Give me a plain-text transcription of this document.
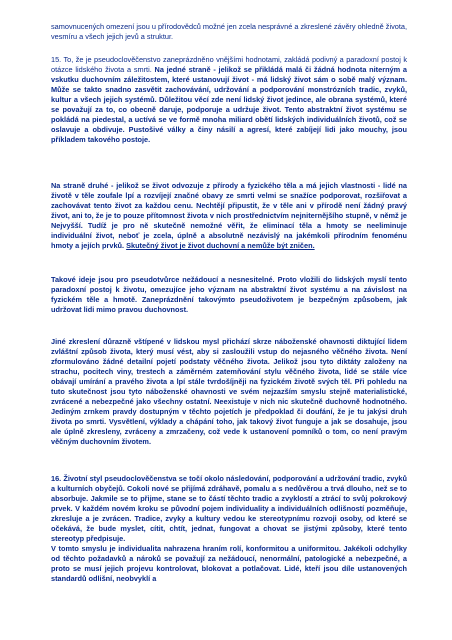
samovnucených omezení jsou u přírodovědců možné jen zcela nesprávné a zkreslené závěry ohledně života, vesmíru a všech jejich jevů a struktur.

15. To, že je pseudoclověčenstvo zaneprázdněno vnějšími hodnotami, zakládá podivný a paradoxní postoj k otázce lidského života a smrti. Na jedné straně - jelikož se přikládá malá či žádná hodnota niterným a vskutku duchovním záležitostem, které ustanovují život - má lidský život sám o sobě malý význam. Může se takto snadno zasvětit zachovávání, udržování a podporování monstrózních tradic, zvyků, kultur a všech jejich systémů. Důležitou věcí zde není lidský život jedince, ale obrana systémů, které se považují za to, co obecně daruje, podporuje a udržuje život. Tento abstraktní život systému se pokládá na piedestal, a uctívá se ve formě mnoha miliard obětí lidských individuálních životů, což se oslavuje a obdivuje. Pustošivé války a činy násilí a agresí, které zabíjejí lidi jako mouchy, jsou příkladem takového postoje.

Na straně druhé - jelikož se život odvozuje z přírody a fyzického těla a má jejich vlastnosti - lidé na životě v těle zoufale lpí a rozvíjejí značné obavy ze smrti velmi se snažíce podporovat, rozšiřovat a zachovávat tento život za každou cenu. Nechtějí připustit, že v těle ani v přírodě není žádný pravý život, ani to, že je to pouze přítomnost života v nich prostřednictvím nejniternějšího stupně, v němž je Nejvyšší. Tudíž je pro ně skutečně nemožné věřit, že eliminací těla a hmoty se neeliminuje individuální život, neboť je zcela, úplně a absolutně nezávislý na jakémkoli přírodním fenoménu hmoty a jejích prvků. Skutečný život je život duchovní a nemůže být zničen.

Takové ideje jsou pro pseudotvůrce nežádoucí a nesnesitelné. Proto vložili do lidských myslí tento paradoxní postoj k životu, omezujíce jeho význam na abstraktní život systému a na závislost na fyzickém těle a hmotě. Zaneprázdnění takovýmto pseudoživotem je bezpečným způsobem, jak udržovat lidi mimo pravou duchovnost.

Jiné zkreslení důrazně vštípené v lidskou mysl přichází skrze náboženské ohavnosti diktující lidem zvláštní způsob života, který musí vést, aby si zasloužili vstup do nejasného věčného života. Není zformulováno žádné detailní pojetí podstaty věčného života. Jelikož jsou tyto diktáty založeny na strachu, pocitech viny, trestech a záměrném zatemňování stylu věčného života, lidé se stále více obávají umírání a pravého života a lpí stále tvrdošíjněji na fyzickém životě svých těl. Při pohledu na tuto skutečnost jsou tyto náboženské ohavnosti ve svém nejzazším smyslu stejně materialistické, zvrácené a nebezpečné jako všechny ostatní. Neexistuje v nich nic skutečně duchovně hodnotného. Jediným zrnkem pravdy dostupným v těchto pojetích je předpoklad či doufání, že je tu jakýsi druh života po smrti. Vysvětlení, výklady a chápání toho, jak takový život funguje a jak se dosahuje, jsou ale úplně zkresleny, zvráceny a zmrzačeny, což vede k ustanovení pomníků o tom, co není pravým věčným duchovním životem.

16. Životní styl pseudoclověčenstva se točí okolo následování, podporování a udržování tradic, zvyků a kulturních obyčejů. Cokoli nové se přijímá zdráhavě, pomalu a s nedůvěrou a trvá dlouho, než se to absorbuje. Jakmile se to přijme, stane se to částí těchto tradic a zvyklostí a ztrácí to svůj pokrokový prvek. V každém novém kroku se původní pojem individuality a individuálních odlišností pozměňuje, zkresluje a je zvrácen. Tradice, zvyky a kultury vedou ke stereotypnímu rozvoji osoby, od které se očekává, že bude myslet, cítit, chtít, jednat, fungovat a chovat se jistými způsoby, které tento stereotyp předpisuje.
V tomto smyslu je individualita nahrazena hraním rolí, konformitou a uniformitou. Jakékoli odchylky od těchto požadavků a nároků se považují za nežádoucí, nenormální, patologické a nebezpečné, a proto se musí jejich projevu kontrolovat, blokovat a potlačovat. Lidé, kteří jsou díle ustanovených standardů odlišní, neobvyklí a
